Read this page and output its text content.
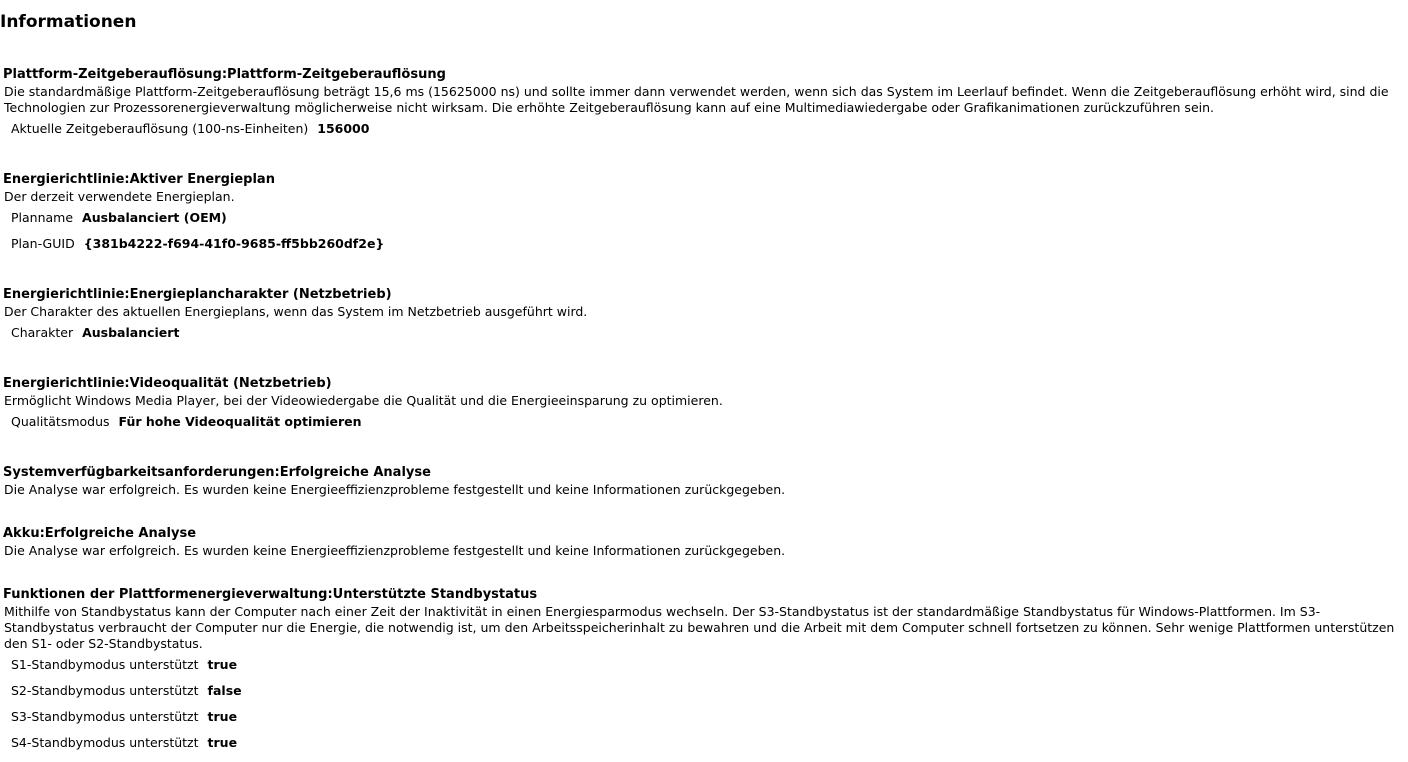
Informationen
Plattform-Zeitgeberauflösung:Plattform-Zeitgeberauflösung
Die standardmäßige Plattform-Zeitgeberauflösung beträgt 15,6 ms (15625000 ns) und sollte immer dann verwendet werden, wenn sich das System im Leerlauf befindet. Wenn die Zeitgeberauflösung erhöht wird, sind die Technologien zur Prozessorenergieverwaltung möglicherweise nicht wirksam. Die erhöhte Zeitgeberauflösung kann auf eine Multimediawiedergabe oder Grafikanimationen zurückzuführen sein.
Aktuelle Zeitgeberauflösung (100-ns-Einheiten) 156000
Energierichtlinie:Aktiver Energieplan
Der derzeit verwendete Energieplan.
Planname Ausbalanciert (OEM)
Plan-GUID {381b4222-f694-41f0-9685-ff5bb260df2e}
Energierichtlinie:Energieplancharakter (Netzbetrieb)
Der Charakter des aktuellen Energieplans, wenn das System im Netzbetrieb ausgeführt wird.
Charakter Ausbalanciert
Energierichtlinie:Videoqualität (Netzbetrieb)
Ermöglicht Windows Media Player, bei der Videowiedergabe die Qualität und die Energieeinsparung zu optimieren.
Qualitätsmodus Für hohe Videoqualität optimieren
Systemverfügbarkeitsanforderungen:Erfolgreiche Analyse
Die Analyse war erfolgreich. Es wurden keine Energieeffizienzprobleme festgestellt und keine Informationen zurückgegeben.
Akku:Erfolgreiche Analyse
Die Analyse war erfolgreich. Es wurden keine Energieeffizienzprobleme festgestellt und keine Informationen zurückgegeben.
Funktionen der Plattformenergieverwaltung:Unterstützte Standbystatus
Mithilfe von Standbystatus kann der Computer nach einer Zeit der Inaktivität in einen Energiesparmodus wechseln. Der S3-Standbystatus ist der standardmäßige Standbystatus für Windows-Plattformen. Im S3-Standbystatus verbraucht der Computer nur die Energie, die notwendig ist, um den Arbeitsspeicherinhalt zu bewahren und die Arbeit mit dem Computer schnell fortsetzen zu können. Sehr wenige Plattformen unterstützen den S1- oder S2-Standbystatus.
S1-Standbymodus unterstützt true
S2-Standbymodus unterstützt false
S3-Standbymodus unterstützt true
S4-Standbymodus unterstützt true
